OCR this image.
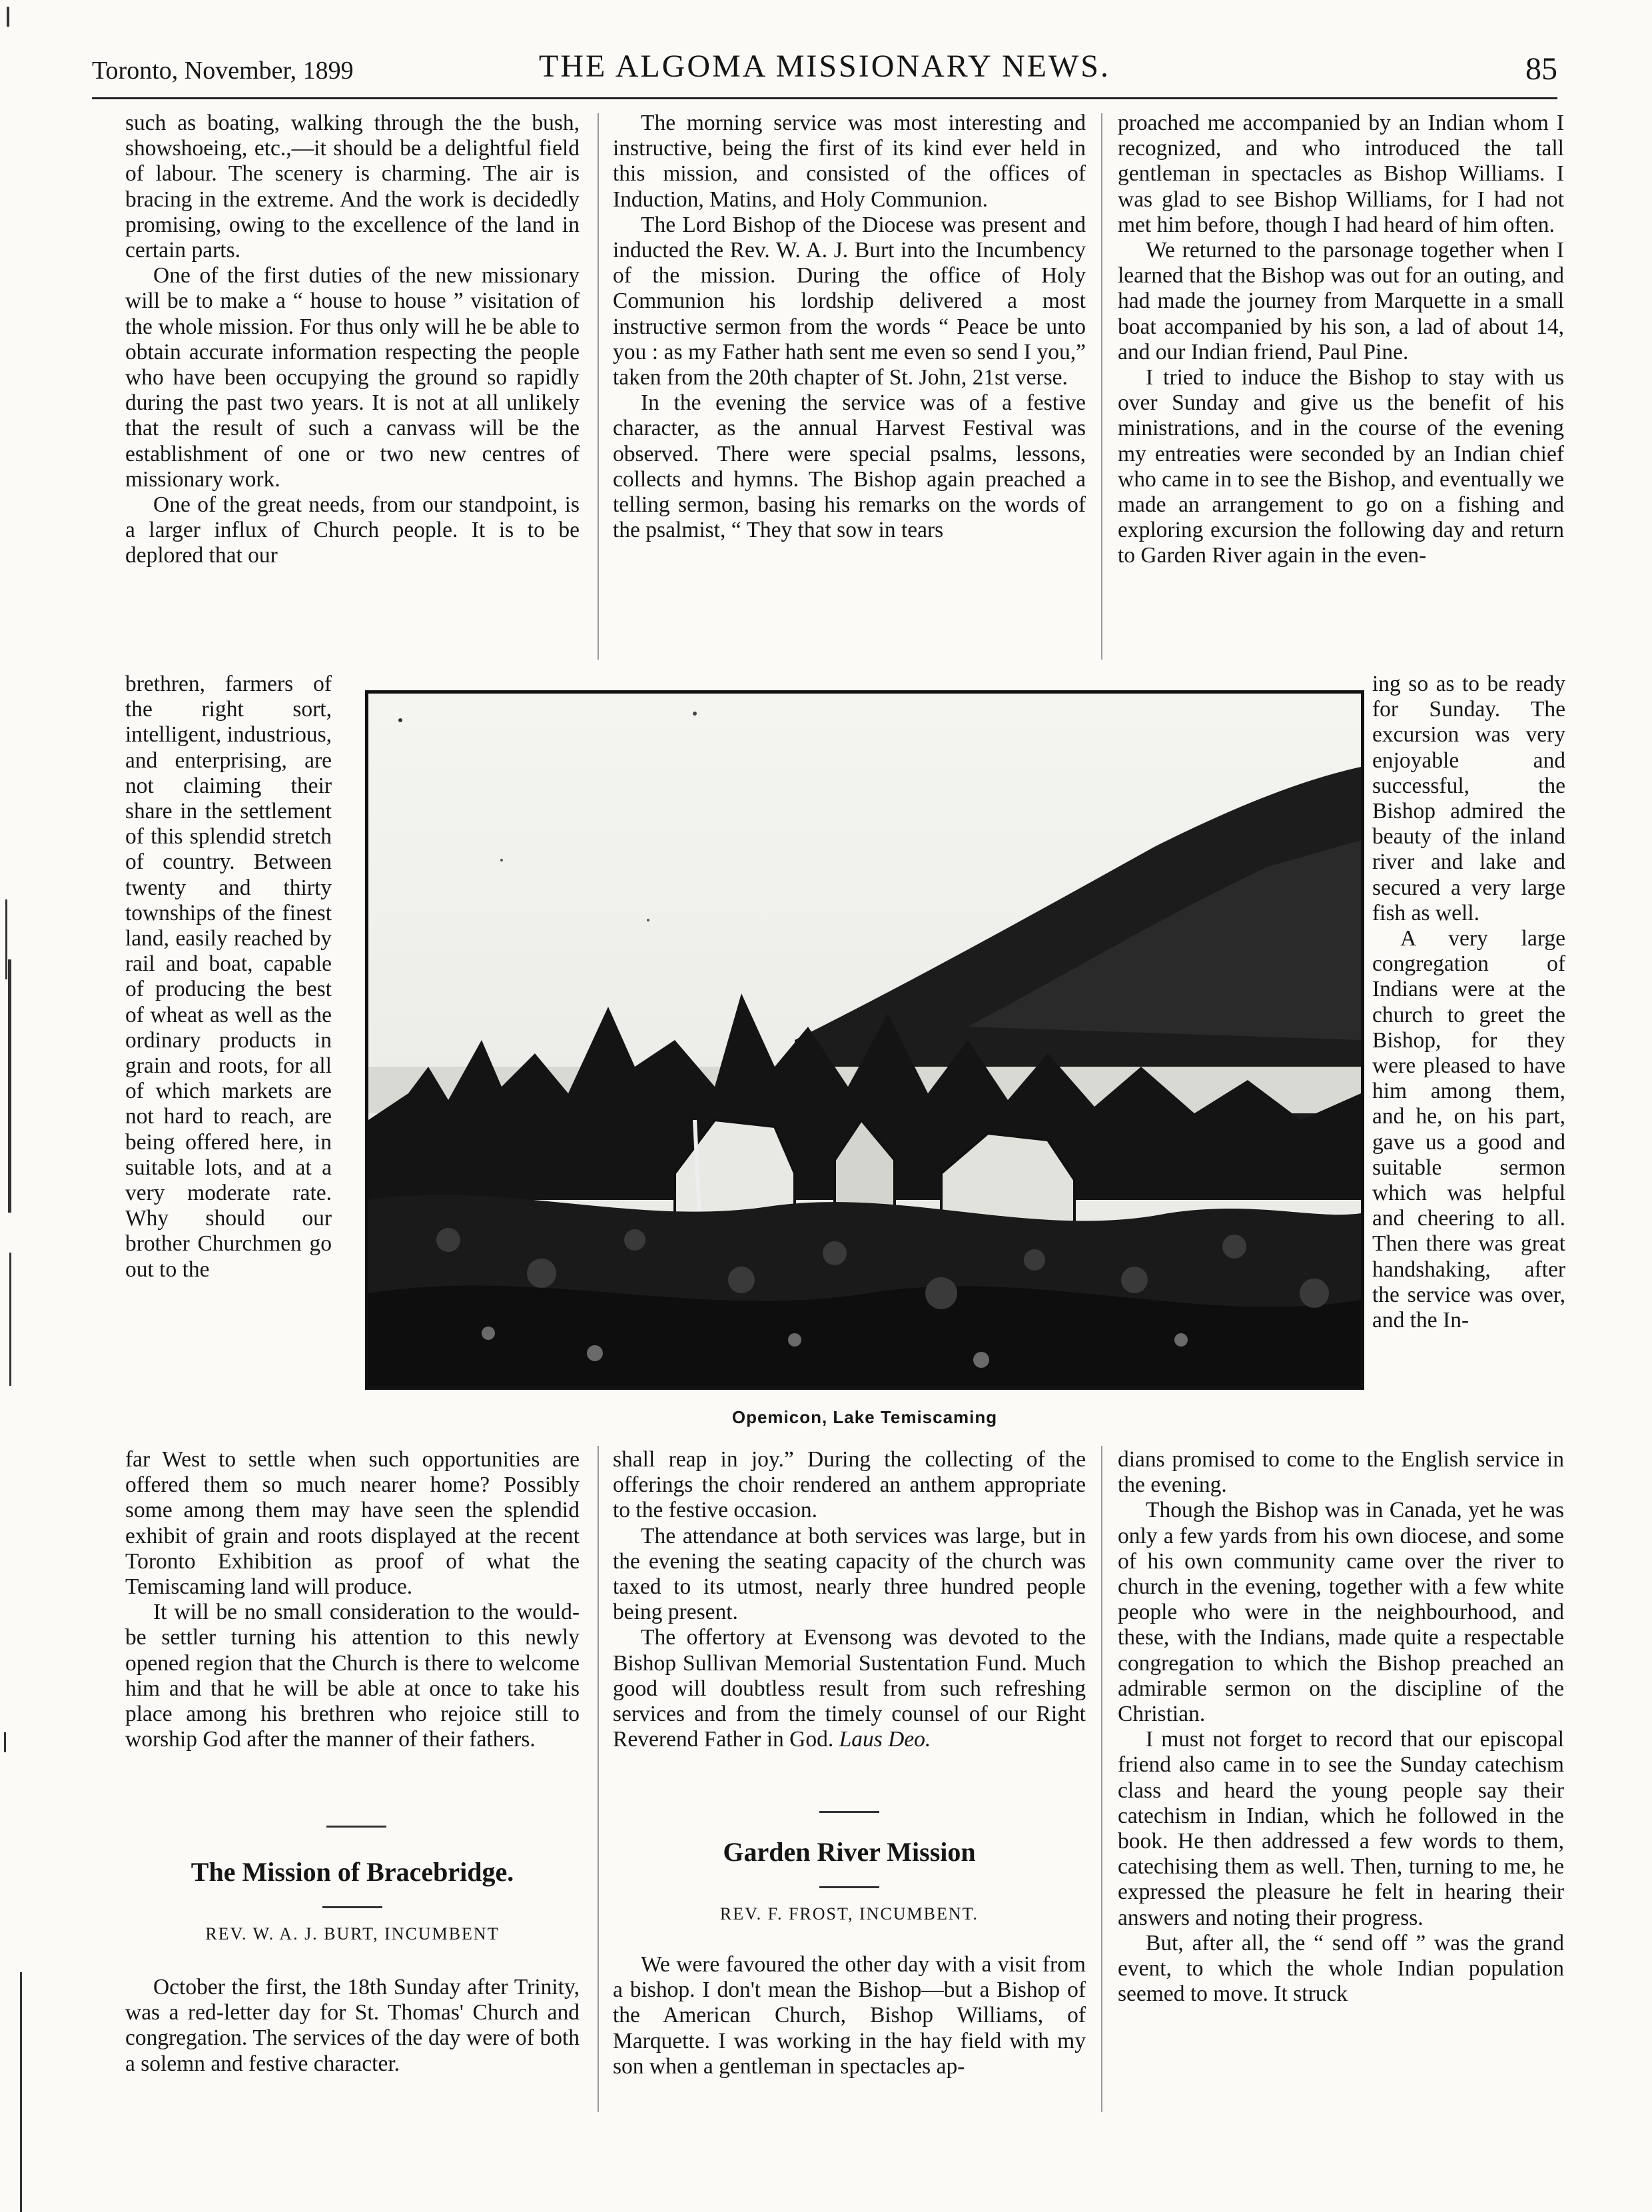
Toronto, November, 1899	THE ALGOMA MISSIONARY NEWS.	85

such as boating, walking through the the bush, showshoeing, etc.,—it should be a delightful field of labour. The scenery is charming. The air is bracing in the extreme. And the work is decidedly promising, owing to the excellence of the land in certain parts.

One of the first duties of the new missionary will be to make a “ house to house ” visitation of the whole mission. For thus only will he be able to obtain accurate information respecting the people who have been occupying the ground so rapidly during the past two years. It is not at all unlikely that the result of such a canvass will be the establishment of one or two new centres of missionary work.

One of the great needs, from our standpoint, is a larger influx of Church people. It is to be deplored that our

brethren, farmers of the right sort, intelligent, industrious, and enterprising, are not claiming their share in the settlement of this splendid stretch of country. Between twenty and thirty townships of the finest land, easily reached by rail and boat, capable of producing the best of wheat as well as the ordinary products in grain and roots, for all of which markets are not hard to reach, are being offered here, in suitable lots, and at a very moderate rate. Why should our brother Churchmen go out to the

far West to settle when such opportunities are offered them so much nearer home? Possibly some among them may have seen the splendid exhibit of grain and roots displayed at the recent Toronto Exhibition as proof of what the Temiscaming land will produce.

It will be no small consideration to the would-be settler turning his attention to this newly opened region that the Church is there to welcome him and that he will be able at once to take his place among his brethren who rejoice still to worship God after the manner of their fathers.

The Mission of Bracebridge.
REV. W. A. J. BURT, INCUMBENT

October the first, the 18th Sunday after Trinity, was a red-letter day for St. Thomas' Church and congregation. The services of the day were of both a solemn and festive character.

The morning service was most interesting and instructive, being the first of its kind ever held in this mission, and consisted of the offices of Induction, Matins, and Holy Communion.

The Lord Bishop of the Diocese was present and inducted the Rev. W. A. J. Burt into the Incumbency of the mission. During the office of Holy Communion his lordship delivered a most instructive sermon from the words “ Peace be unto you : as my Father hath sent me even so send I you,” taken from the 20th chapter of St. John, 21st verse.

In the evening the service was of a festive character, as the annual Harvest Festival was observed. There were special psalms, lessons, collects and hymns. The Bishop again preached a telling sermon, basing his remarks on the words of the psalmist, “ They that sow in tears

shall reap in joy.” During the collecting of the offerings the choir rendered an anthem appropriate to the festive occasion.

The attendance at both services was large, but in the evening the seating capacity of the church was taxed to its utmost, nearly three hundred people being present.

The offertory at Evensong was devoted to the Bishop Sullivan Memorial Sustentation Fund. Much good will doubtless result from such refreshing services and from the timely counsel of our Right Reverend Father in God. Laus Deo.

Garden River Mission
REV. F. FROST, INCUMBENT.

We were favoured the other day with a visit from a bishop. I don't mean the Bishop—but a Bishop of the American Church, Bishop Williams, of Marquette. I was working in the hay field with my son when a gentleman in spectacles ap-

proached me accompanied by an Indian whom I recognized, and who introduced the tall gentleman in spectacles as Bishop Williams. I was glad to see Bishop Williams, for I had not met him before, though I had heard of him often.

We returned to the parsonage together when I learned that the Bishop was out for an outing, and had made the journey from Marquette in a small boat accompanied by his son, a lad of about 14, and our Indian friend, Paul Pine.

I tried to induce the Bishop to stay with us over Sunday and give us the benefit of his ministrations, and in the course of the evening my entreaties were seconded by an Indian chief who came in to see the Bishop, and eventually we made an arrangement to go on a fishing and exploring excursion the following day and return to Garden River again in the even-

ing so as to be ready for Sunday. The excursion was very enjoyable and successful, the Bishop admired the beauty of the inland river and lake and secured a very large fish as well.

A very large congregation of Indians were at the church to greet the Bishop, for they were pleased to have him among them, and he, on his part, gave us a good and suitable sermon which was helpful and cheering to all. Then there was great handshaking, after the service was over, and the In-

dians promised to come to the English service in the evening.

Though the Bishop was in Canada, yet he was only a few yards from his own diocese, and some of his own community came over the river to church in the evening, together with a few white people who were in the neighbourhood, and these, with the Indians, made quite a respectable congregation to which the Bishop preached an admirable sermon on the discipline of the Christian.

I must not forget to record that our episcopal friend also came in to see the Sunday catechism class and heard the young people say their catechism in Indian, which he followed in the book. He then addressed a few words to them, catechising them as well. Then, turning to me, he expressed the pleasure he felt in hearing their answers and noting their progress.

But, after all, the “ send off ” was the grand event, to which the whole Indian population seemed to move. It struck

Opemicon, Lake Temiscaming
